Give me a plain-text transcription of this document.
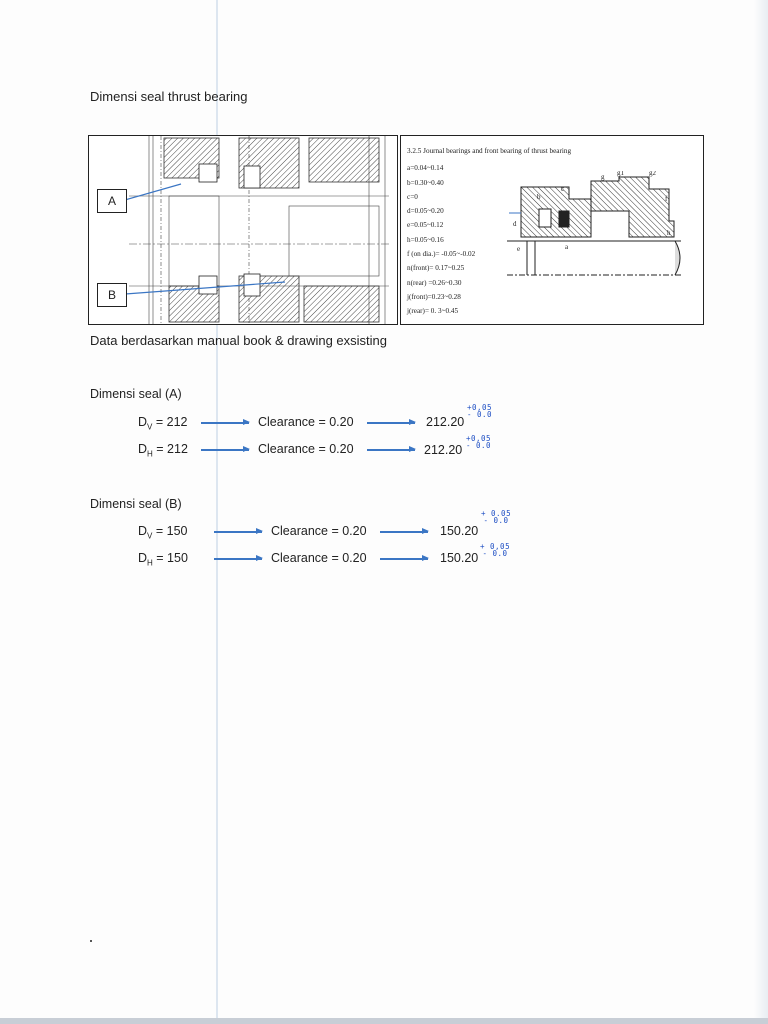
Dimensi seal thrust bearing
A
B
3.2.5 Journal bearings and front bearing of thrust bearing
a=0.04~0.14
b=0.30~0.40
c=0
d=0.05~0.20
e=0.05~0.12
h=0.05~0.16
f (on dia.)= -0.05~-0.02
n(front)= 0.17~0.25
n(rear) =0.26~0.30
j(front)=0.23~0.28
j(rear)= 0. 3~0.45
b
c
d
e
f
g g1	g2
h
a
Data berdasarkan manual book & drawing exsisting
Dimensi seal (A)
$D_V = 212$	Clearance = 0.20	212.20
+0,05
- 0.0
$D_H = 212$	Clearance = 0.20	212.20
+0,05
- 0.0
Dimensi seal (B)
$D_V = 150$	Clearance = 0.20	150.20
+ 0.05
- 0.0
$D_H = 150$	Clearance = 0.20	150.20
+ 0,05
- 0.0
